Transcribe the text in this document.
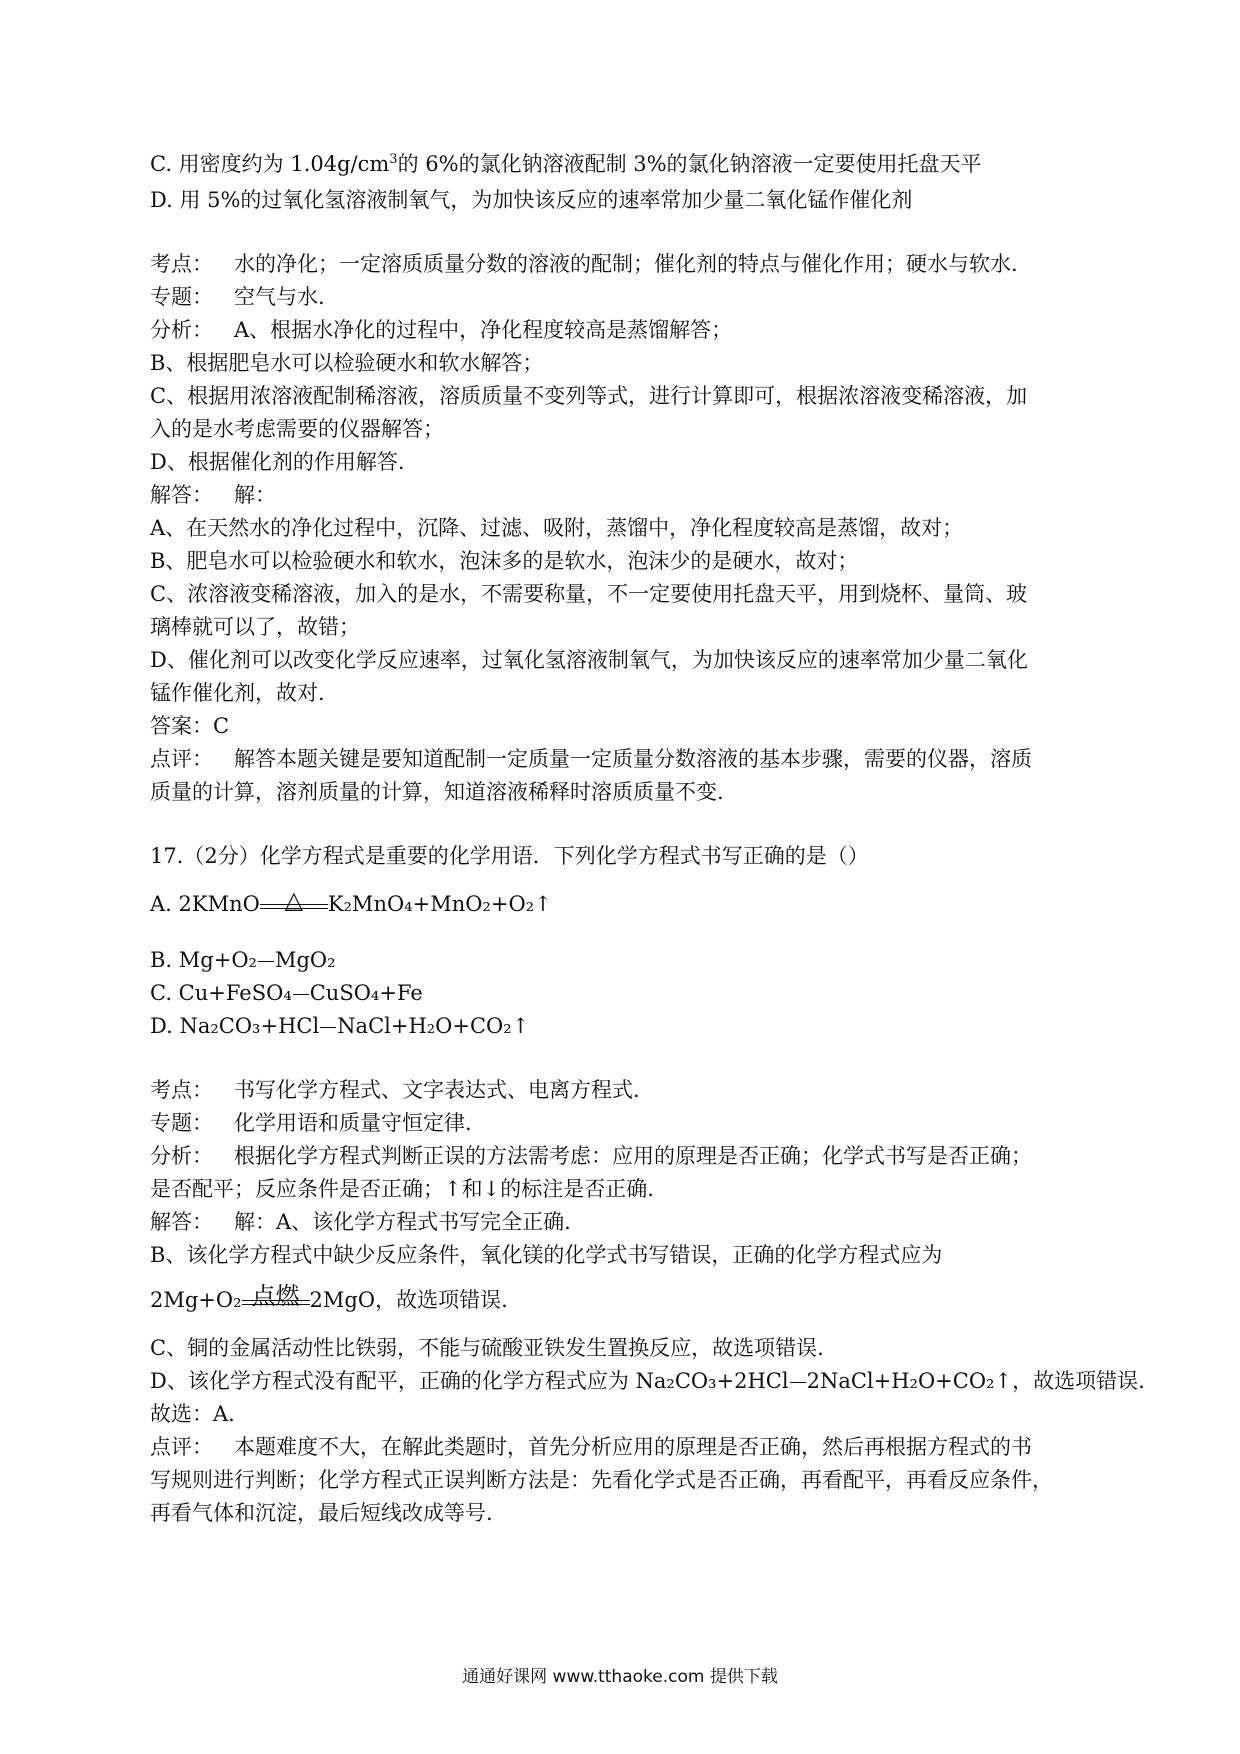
C. 用密度约为 $1.04g/cm^3$的 6%的氯化钠溶液配制 3%的氯化钠溶液一定要使用托盘天平
D. 用 5%的过氧化氢溶液制氧气，为加快该反应的速率常加少量二氧化锰作催化剂
考点： 水的净化；一定溶质质量分数的溶液的配制；催化剂的特点与催化作用；硬水与软水.
专题： 空气与水.
分析： A、根据水净化的过程中，净化程度较高是蒸馏解答；
B、根据肥皂水可以检验硬水和软水解答；
C、根据用浓溶液配制稀溶液，溶质质量不变列等式，进行计算即可，根据浓溶液变稀溶液，加
入的是水考虑需要的仪器解答；
D、根据催化剂的作用解答.
解答： 解：
A、在天然水的净化过程中，沉降、过滤、吸附，蒸馏中，净化程度较高是蒸馏，故对；
B、肥皂水可以检验硬水和软水，泡沫多的是软水，泡沫少的是硬水，故对；
C、浓溶液变稀溶液，加入的是水，不需要称量，不一定要使用托盘天平，用到烧杯、量筒、玻
璃棒就可以了，故错；
D、催化剂可以改变化学反应速率，过氧化氢溶液制氧气，为加快该反应的速率常加少量二氧化
锰作催化剂，故对.
答案：C
点评： 解答本题关键是要知道配制一定质量一定质量分数溶液的基本步骤，需要的仪器，溶质
质量的计算，溶剂质量的计算，知道溶液稀释时溶质质量不变.
17.（2分）化学方程式是重要的化学用语．下列化学方程式书写正确的是（）
A. 2KMnO	△	K₂MnO₄+MnO₂+O₂↑
B. Mg+O₂ MgO₂
C. Cu+FeSO₄ CuSO₄+Fe
D. Na₂CO₃+HCl NaCl+H₂O+CO₂↑
考点： 书写化学方程式、文字表达式、电离方程式.
专题： 化学用语和质量守恒定律.
分析： 根据化学方程式判断正误的方法需考虑：应用的原理是否正确；化学式书写是否正确；
是否配平；反应条件是否正确；↑和↓的标注是否正确.
解答： 解：A、该化学方程式书写完全正确.
B、该化学方程式中缺少反应条件，氧化镁的化学式书写错误，正确的化学方程式应为
2Mg+O₂ 点燃 2MgO，故选项错误.
C、铜的金属活动性比铁弱，不能与硫酸亚铁发生置换反应，故选项错误.
D、该化学方程式没有配平，正确的化学方程式应为 Na₂CO₃+2HCl 2NaCl+H₂O+CO₂↑，故选项错误.
故选：A.
点评： 本题难度不大，在解此类题时，首先分析应用的原理是否正确，然后再根据方程式的书
写规则进行判断；化学方程式正误判断方法是：先看化学式是否正确，再看配平，再看反应条件，
再看气体和沉淀，最后短线改成等号.
通通好课网 www.tthaoke.com 提供下载
